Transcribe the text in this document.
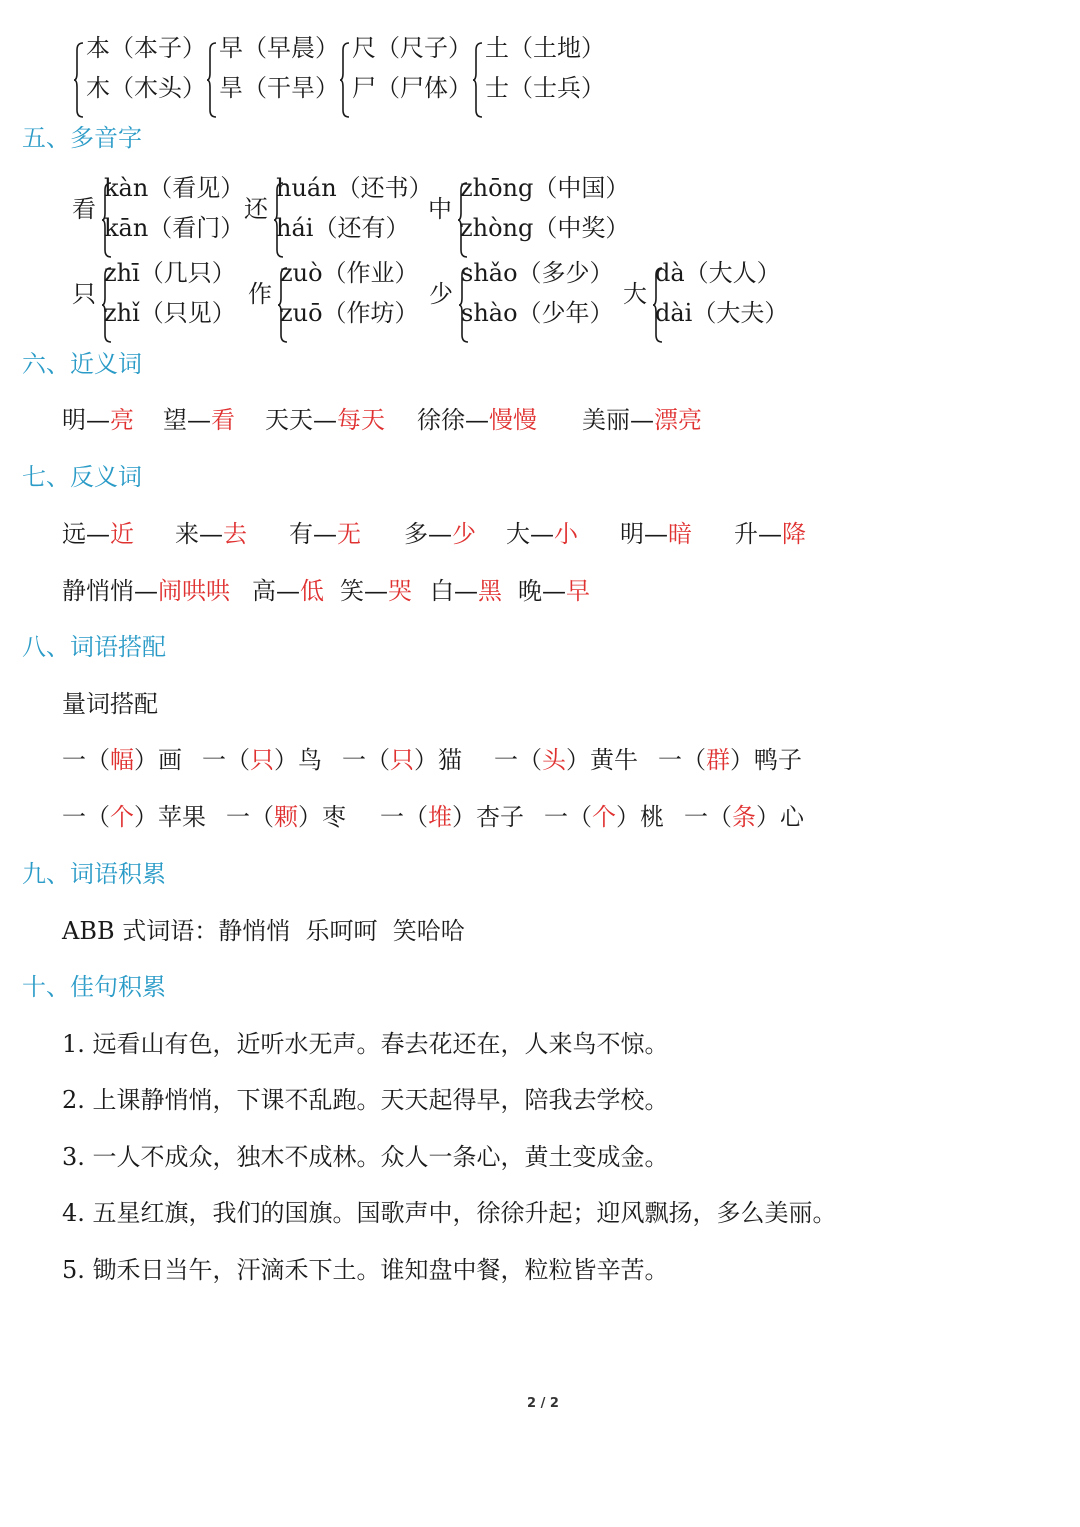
本（本子）
木（木头）
早（早晨）
旱（干旱）
尺（尺子）
尸（尸体）
土（土地）
士（士兵）
五、多音字
看
kàn（看见）
kān（看门）
还
huán（还书）
hái（还有）
中
zhōng（中国）
zhòng（中奖）
只
zhī（几只）
zhǐ（只见）
作
zuò（作业）
zuō（作坊）
少
shǎo（多少）
shào（少年）
大
dà（大人）
dài（大夫）
六、近义词
明—亮 望—看 天天—每天 徐徐—慢慢 美丽—漂亮
七、反义词
远—近 来—去 有—无 多—少 大—小 明—暗 升—降
静悄悄—闹哄哄 高—低 笑—哭 白—黑 晚—早
八、词语搭配
量词搭配
一（幅）画 一（只）鸟 一（只）猫 一（头）黄牛 一（群）鸭子
一（个）苹果 一（颗）枣 一（堆）杏子 一（个）桃 一（条）心
九、词语积累
ABB 式词语：静悄悄  乐呵呵  笑哈哈
十、佳句积累
1. 远看山有色，近听水无声。春去花还在，人来鸟不惊。
2. 上课静悄悄，下课不乱跑。天天起得早，陪我去学校。
3. 一人不成众，独木不成林。众人一条心，黄土变成金。
4. 五星红旗，我们的国旗。国歌声中，徐徐升起；迎风飘扬，多么美丽。
5. 锄禾日当午，汗滴禾下土。谁知盘中餐，粒粒皆辛苦。
2 / 2
